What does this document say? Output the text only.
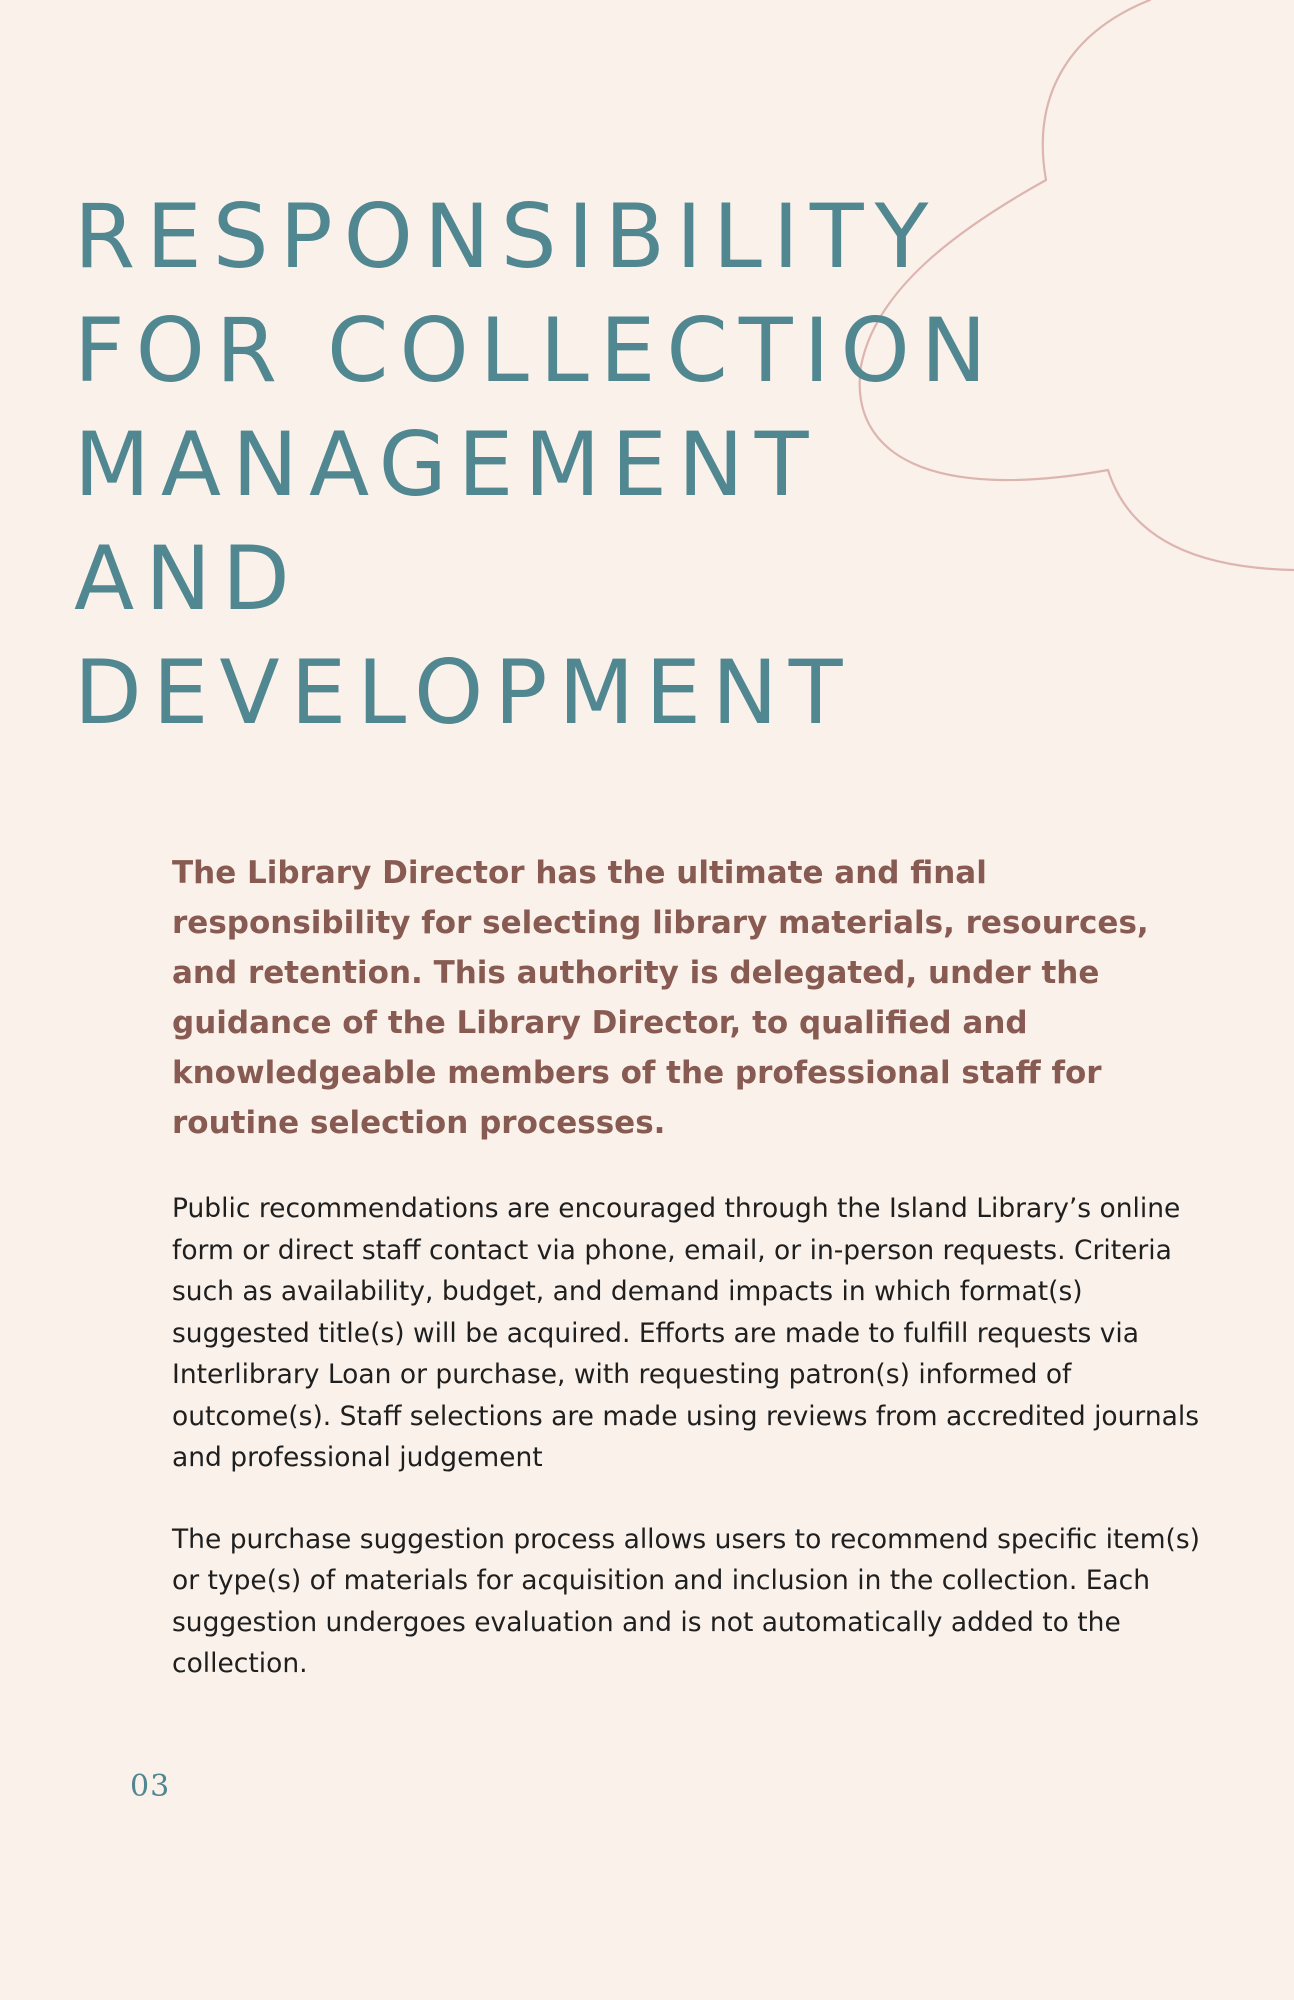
RESPONSIBILITY
FOR COLLECTION
MANAGEMENT
AND
DEVELOPMENT

The Library Director has the ultimate and final responsibility for selecting library materials, resources, and retention. This authority is delegated, under the guidance of the Library Director, to qualified and knowledgeable members of the professional staff for routine selection processes.

Public recommendations are encouraged through the Island Library’s online form or direct staff contact via phone, email, or in-person requests. Criteria such as availability, budget, and demand impacts in which format(s) suggested title(s) will be acquired. Efforts are made to fulfill requests via Interlibrary Loan or purchase, with requesting patron(s) informed of outcome(s). Staff selections are made using reviews from accredited journals and professional judgement

The purchase suggestion process allows users to recommend specific item(s) or type(s) of materials for acquisition and inclusion in the collection. Each suggestion undergoes evaluation and is not automatically added to the collection.

03
